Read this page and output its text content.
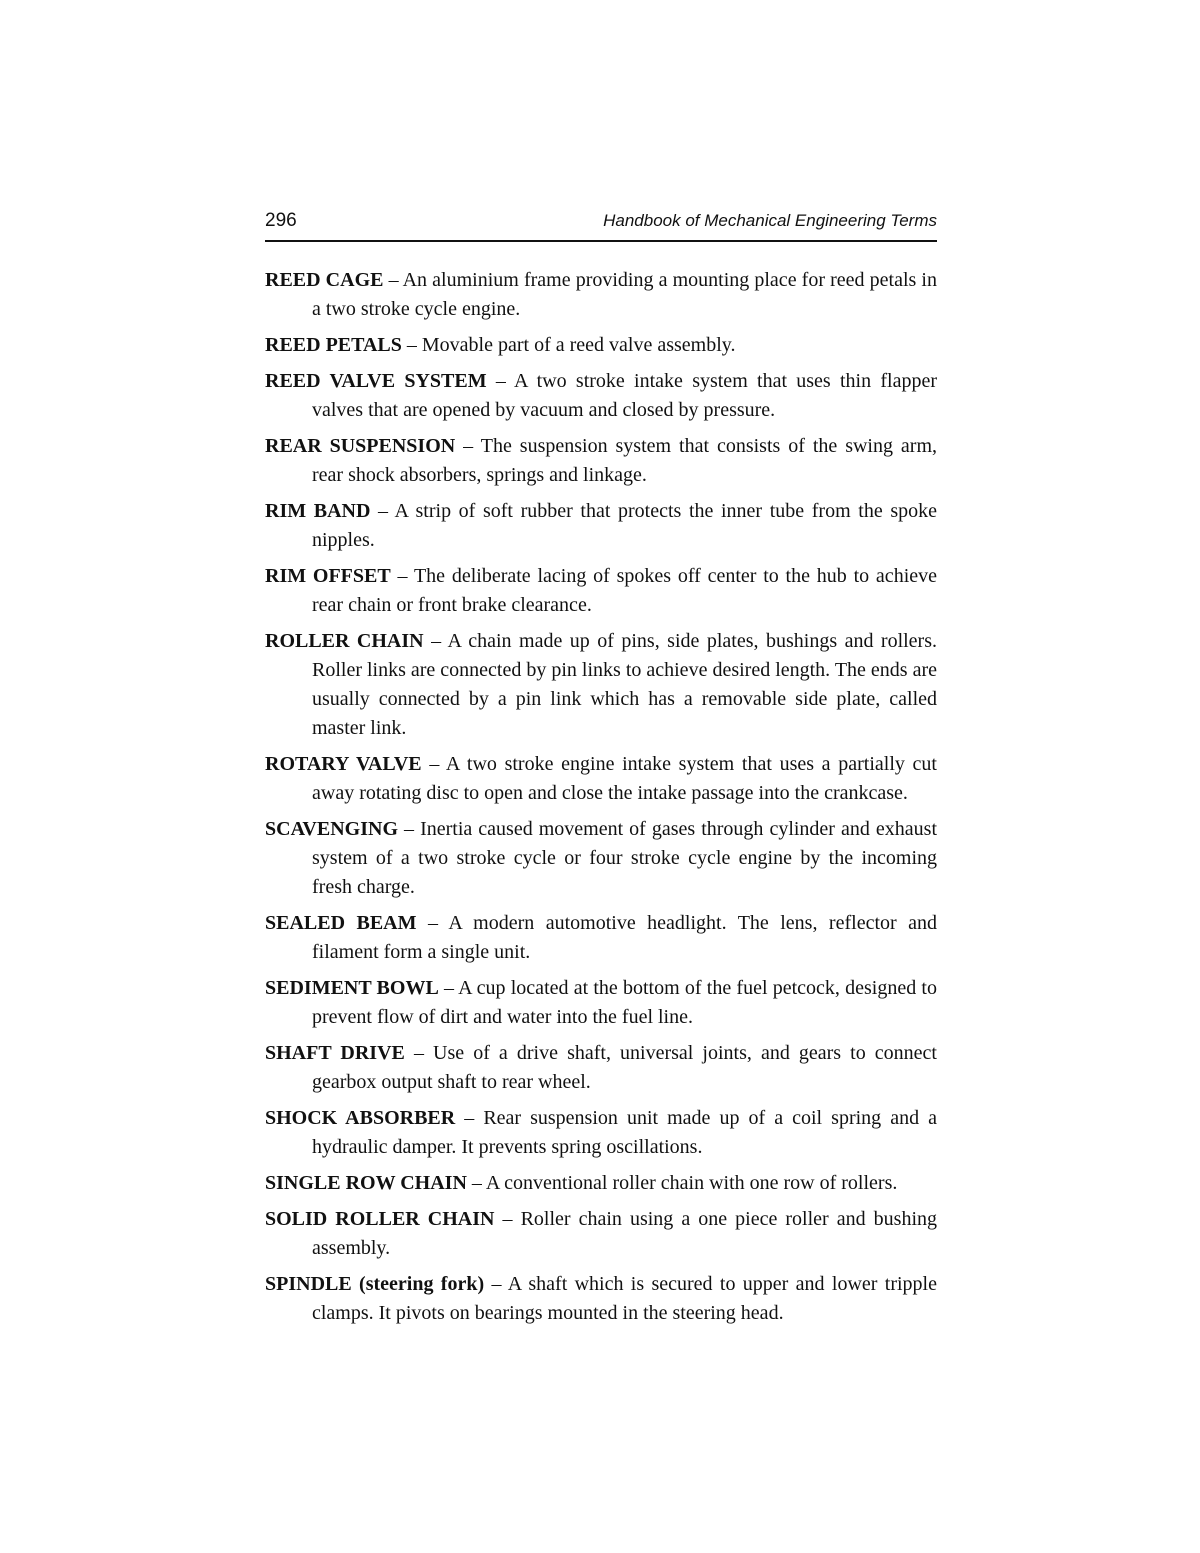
296	Handbook of Mechanical Engineering Terms

REED CAGE – An aluminium frame providing a mounting place for reed petals in a two stroke cycle engine.

REED PETALS – Movable part of a reed valve assembly.

REED VALVE SYSTEM – A two stroke intake system that uses thin flapper valves that are opened by vacuum and closed by pressure.

REAR SUSPENSION – The suspension system that consists of the swing arm, rear shock absorbers, springs and linkage.

RIM BAND – A strip of soft rubber that protects the inner tube from the spoke nipples.

RIM OFFSET – The deliberate lacing of spokes off center to the hub to achieve rear chain or front brake clearance.

ROLLER CHAIN – A chain made up of pins, side plates, bushings and rollers. Roller links are connected by pin links to achieve desired length. The ends are usually connected by a pin link which has a removable side plate, called master link.

ROTARY VALVE – A two stroke engine intake system that uses a partially cut away rotating disc to open and close the intake passage into the crankcase.

SCAVENGING – Inertia caused movement of gases through cylinder and exhaust system of a two stroke cycle or four stroke cycle engine by the incoming fresh charge.

SEALED BEAM – A modern automotive headlight. The lens, reflector and filament form a single unit.

SEDIMENT BOWL – A cup located at the bottom of the fuel petcock, designed to prevent flow of dirt and water into the fuel line.

SHAFT DRIVE – Use of a drive shaft, universal joints, and gears to connect gearbox output shaft to rear wheel.

SHOCK ABSORBER – Rear suspension unit made up of a coil spring and a hydraulic damper. It prevents spring oscillations.

SINGLE ROW CHAIN – A conventional roller chain with one row of rollers.

SOLID ROLLER CHAIN – Roller chain using a one piece roller and bushing assembly.

SPINDLE (steering fork) – A shaft which is secured to upper and lower tripple clamps. It pivots on bearings mounted in the steering head.
